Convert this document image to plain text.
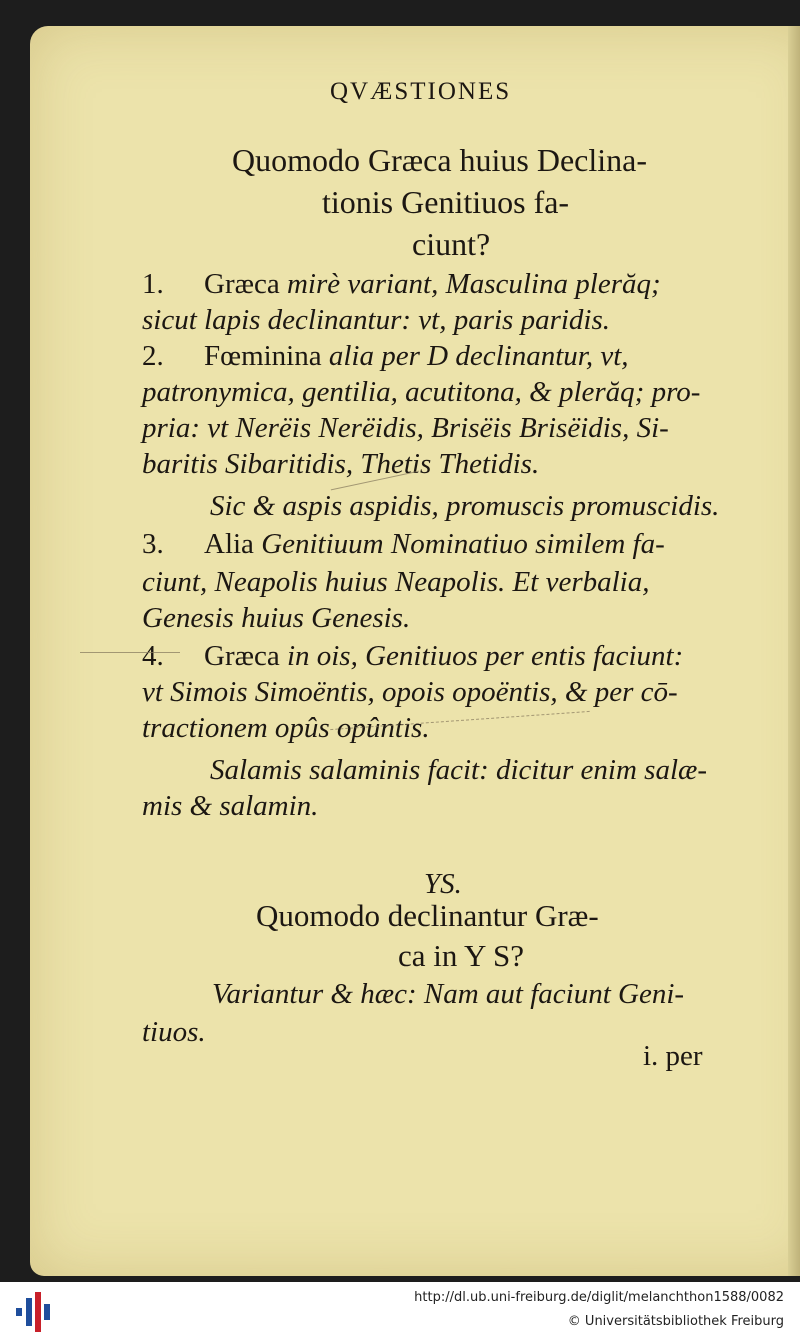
QVÆSTIONES
Quomodo Græca huius Declina-
tionis Genitiuos fa-
ciunt?
1. Græca mirè variant, Masculina plerăq;
sicut lapis declinantur: vt, paris paridis.
2. Fœminina alia per D declinantur, vt,
patronymica, gentilia, acutitona, & plerăq; pro-
pria: vt Nerëis Nerëidis, Brisëis Brisëidis, Si-
baritis Sibaritidis, Thetis Thetidis.
Sic & aspis aspidis, promuscis promuscidis.
3. Alia Genitiuum Nominatiuo similem fa-
ciunt, Neapolis huius Neapolis. Et verbalia,
Genesis huius Genesis.
4. Græca in ois, Genitiuos per entis faciunt:
vt Simois Simoëntis, opois opoëntis, & per cō-
tractionem opûs opûntis.
Salamis salaminis facit: dicitur enim salæ-
mis & salamin.
YS.
Quomodo declinantur Græ-
ca in Y S?
Variantur & hæc: Nam aut faciunt Geni-
tiuos.
i. per
http://dl.ub.uni-freiburg.de/diglit/melanchthon1588/0082
© Universitätsbibliothek Freiburg
